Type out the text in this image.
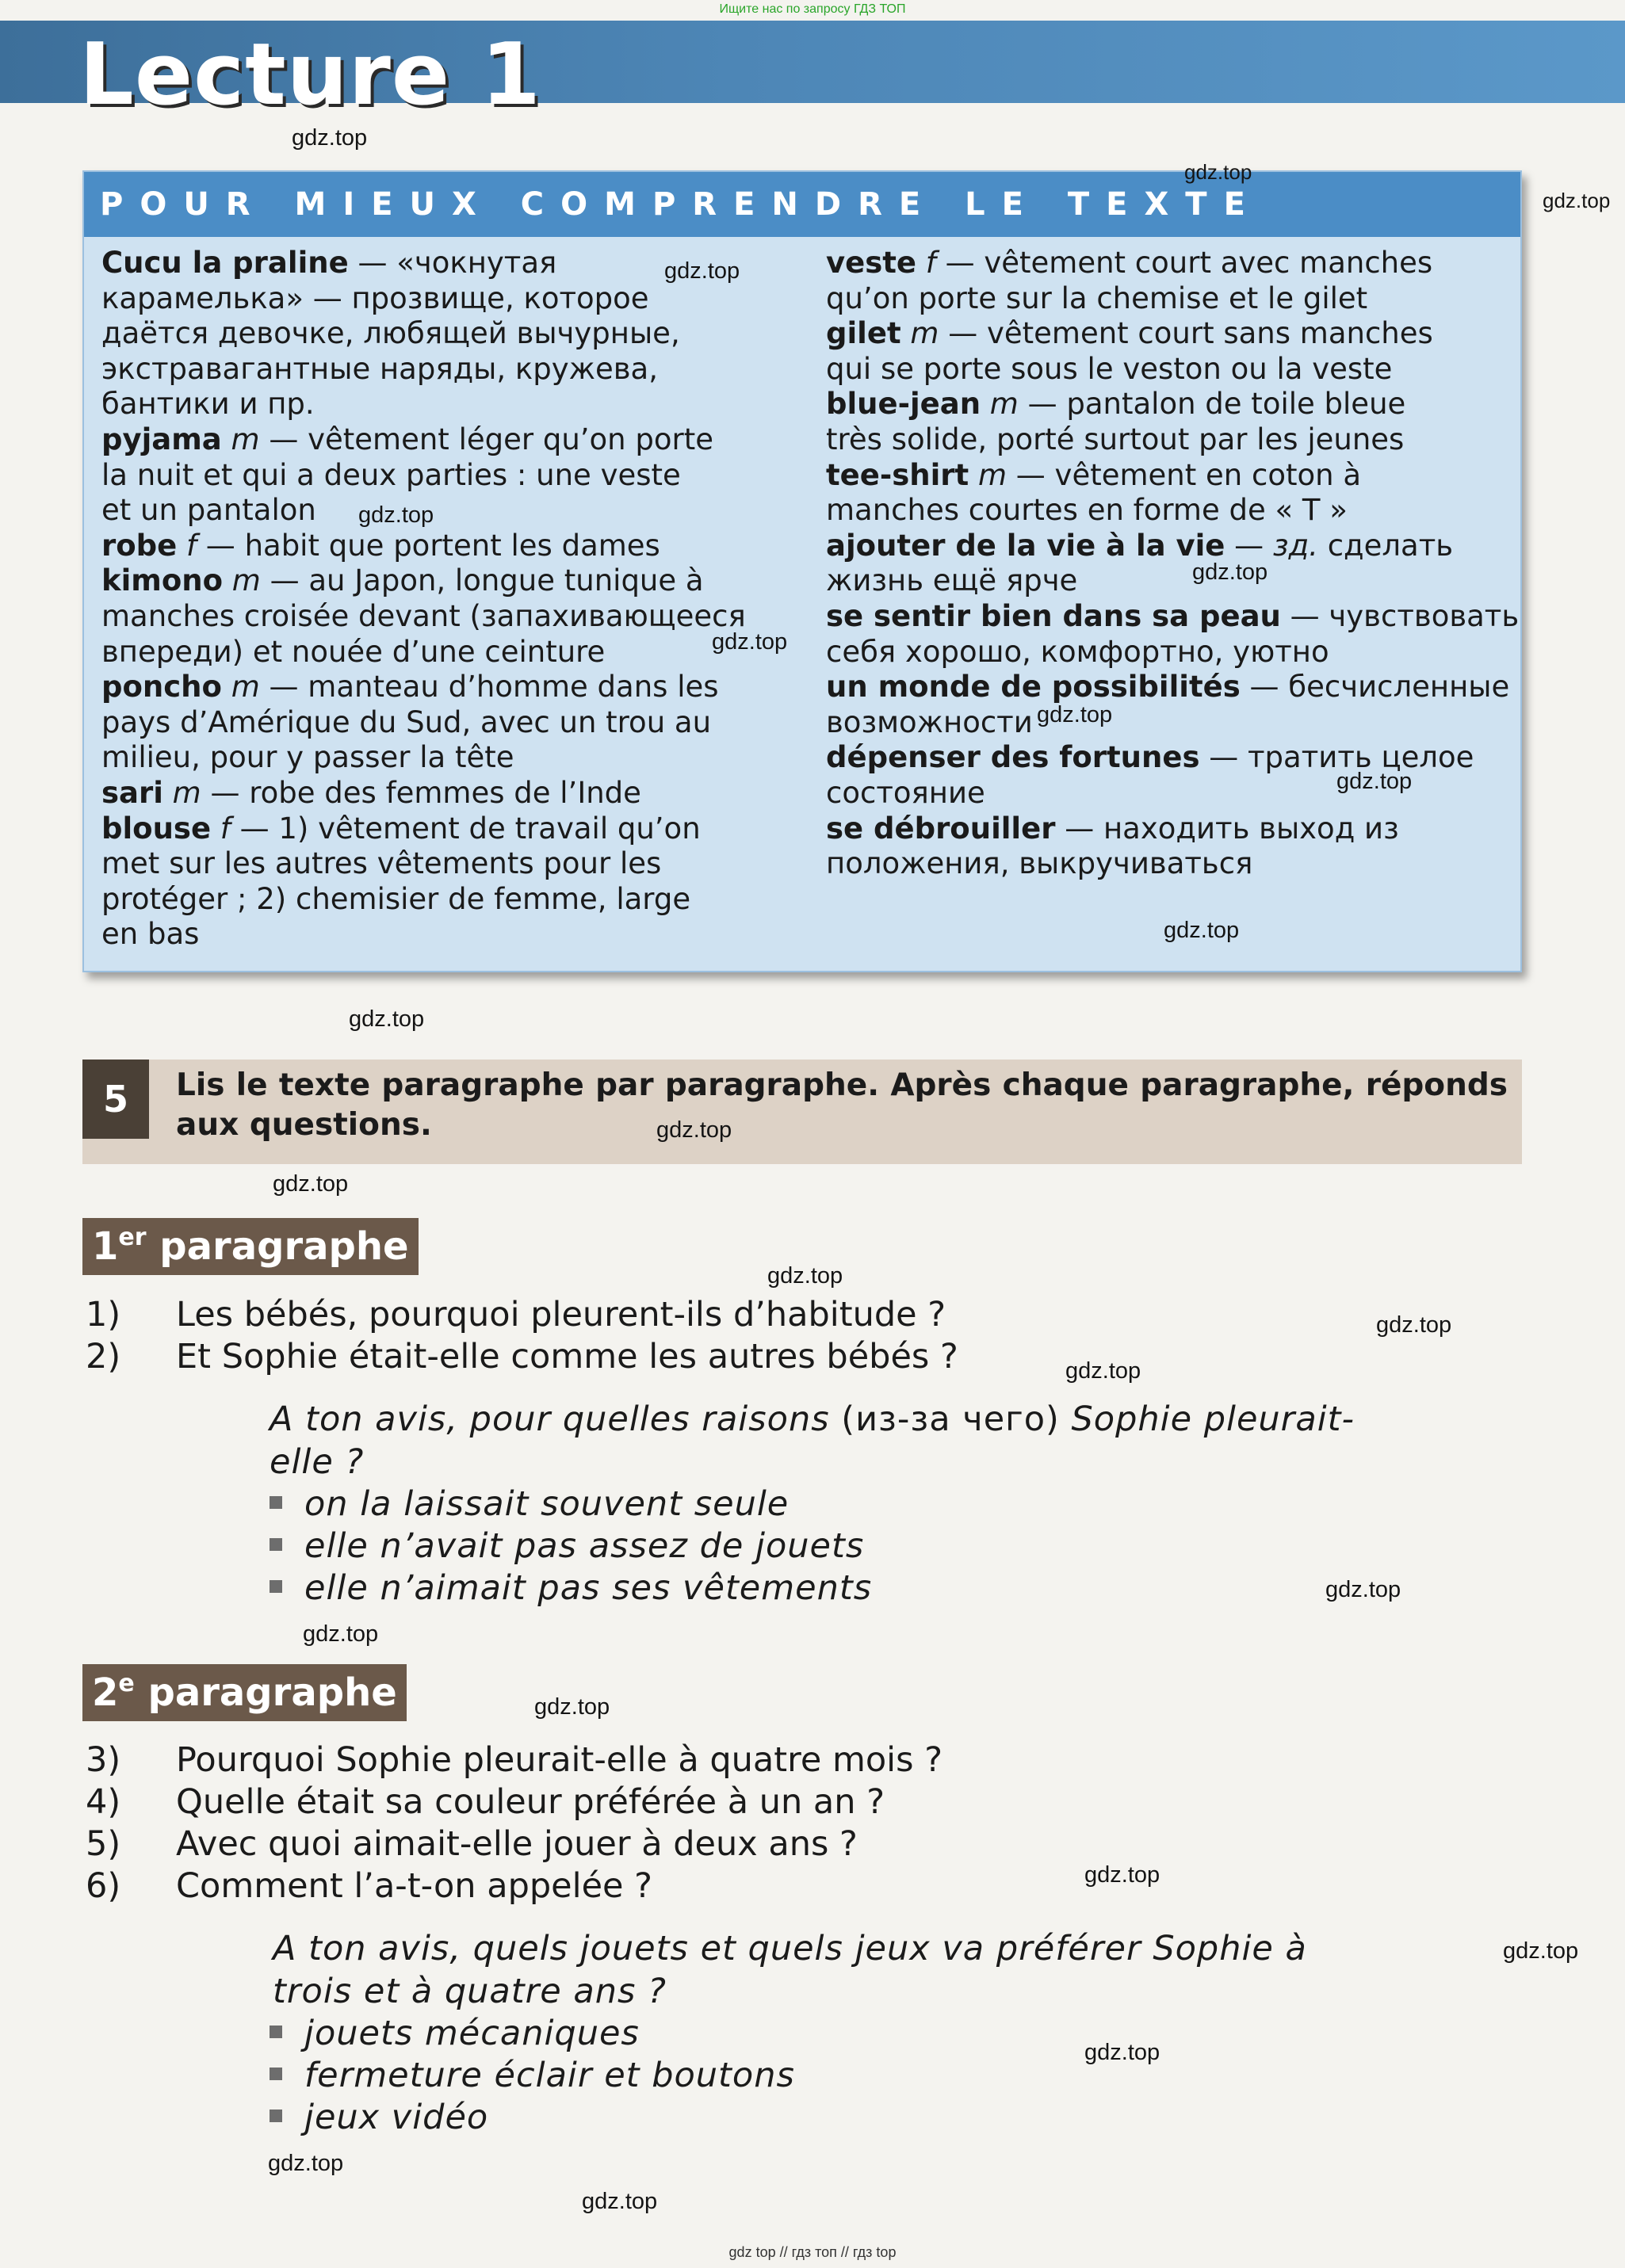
Ищите нас по запросу ГДЗ ТОП
Lecture 1
POUR MIEUX COMPRENDRE LE TEXTE
Cucu la praline — «чокнутая
карамелька» — прозвище, которое
даётся девочке, любящей вычурные,
экстравагантные наряды, кружева,
бантики и пр.
pyjama m — vêtement léger qu’on porte
la nuit et qui a deux parties : une veste
et un pantalon
robe f — habit que portent les dames
kimono m — au Japon, longue tunique à
manches croisée devant (запахивающееся
впереди) et nouée d’une ceinture
poncho m — manteau d’homme dans les
pays d’Amérique du Sud, avec un trou au
milieu, pour y passer la tête
sari m — robe des femmes de l’Inde
blouse f — 1) vêtement de travail qu’on
met sur les autres vêtements pour les
protéger ; 2) chemisier de femme, large
en bas
veste f — vêtement court avec manches
qu’on porte sur la chemise et le gilet
gilet m — vêtement court sans manches
qui se porte sous le veston ou la veste
blue-jean m — pantalon de toile bleue
très solide, porté surtout par les jeunes
tee-shirt m — vêtement en coton à
manches courtes en forme de « T »
ajouter de la vie à la vie — зд. сделать
жизнь ещё ярче
se sentir bien dans sa peau — чувствовать
себя хорошо, комфортно, уютно
un monde de possibilités — бесчисленные
возможности
dépenser des fortunes — тратить целое
состояние
se débrouiller — находить выход из
положения, выкручиваться
5	Lis le texte paragraphe par paragraphe. Après chaque paragraphe, réponds aux questions.
1er paragraphe
1) Les bébés, pourquoi pleurent-ils d’habitude ?
2) Et Sophie était-elle comme les autres bébés ?
A ton avis, pour quelles raisons (из-за чего) Sophie pleurait-
elle ?
on la laissait souvent seule
elle n’avait pas assez de jouets
elle n’aimait pas ses vêtements
2e paragraphe
3) Pourquoi Sophie pleurait-elle à quatre mois ?
4) Quelle était sa couleur préférée à un an ?
5) Avec quoi aimait-elle jouer à deux ans ?
6) Comment l’a-t-on appelée ?
A ton avis, quels jouets et quels jeux va préférer Sophie à
trois et à quatre ans ?
jouets mécaniques
fermeture éclair et boutons
jeux vidéo
gdz.top
gdz.top
gdz.top
gdz.top
gdz.top
gdz.top
gdz.top
gdz.top
gdz.top
gdz.top
gdz.top
gdz.top
gdz.top
gdz.top
gdz.top
gdz.top
gdz.top
gdz.top
gdz.top
gdz.top
gdz.top
gdz.top
gdz.top
gdz.top
gdz top // гдз топ // гдз top
